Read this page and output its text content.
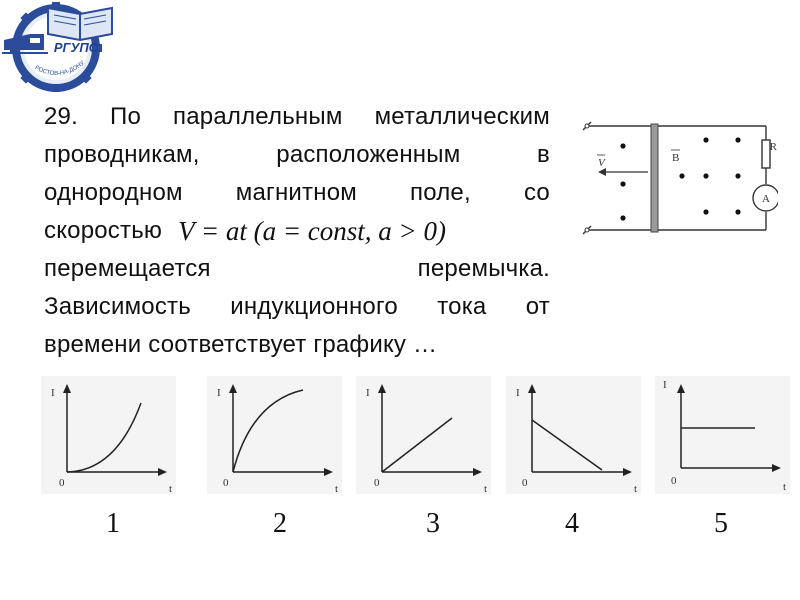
РГУПС
РОСТОВ-НА-ДОНУ
29. По параллельным металлическим
проводникам,	расположенным	в
однородном магнитном поле, со
скоростью V = at (a = const, a > 0)
перемещается	перемычка.
Зависимость индукционного тока от
времени соответствует графику …
V	B
R
A
I
t
0
I
t
0
I
t
0
I
t
0
I
t
0
1	2	3	4	5
